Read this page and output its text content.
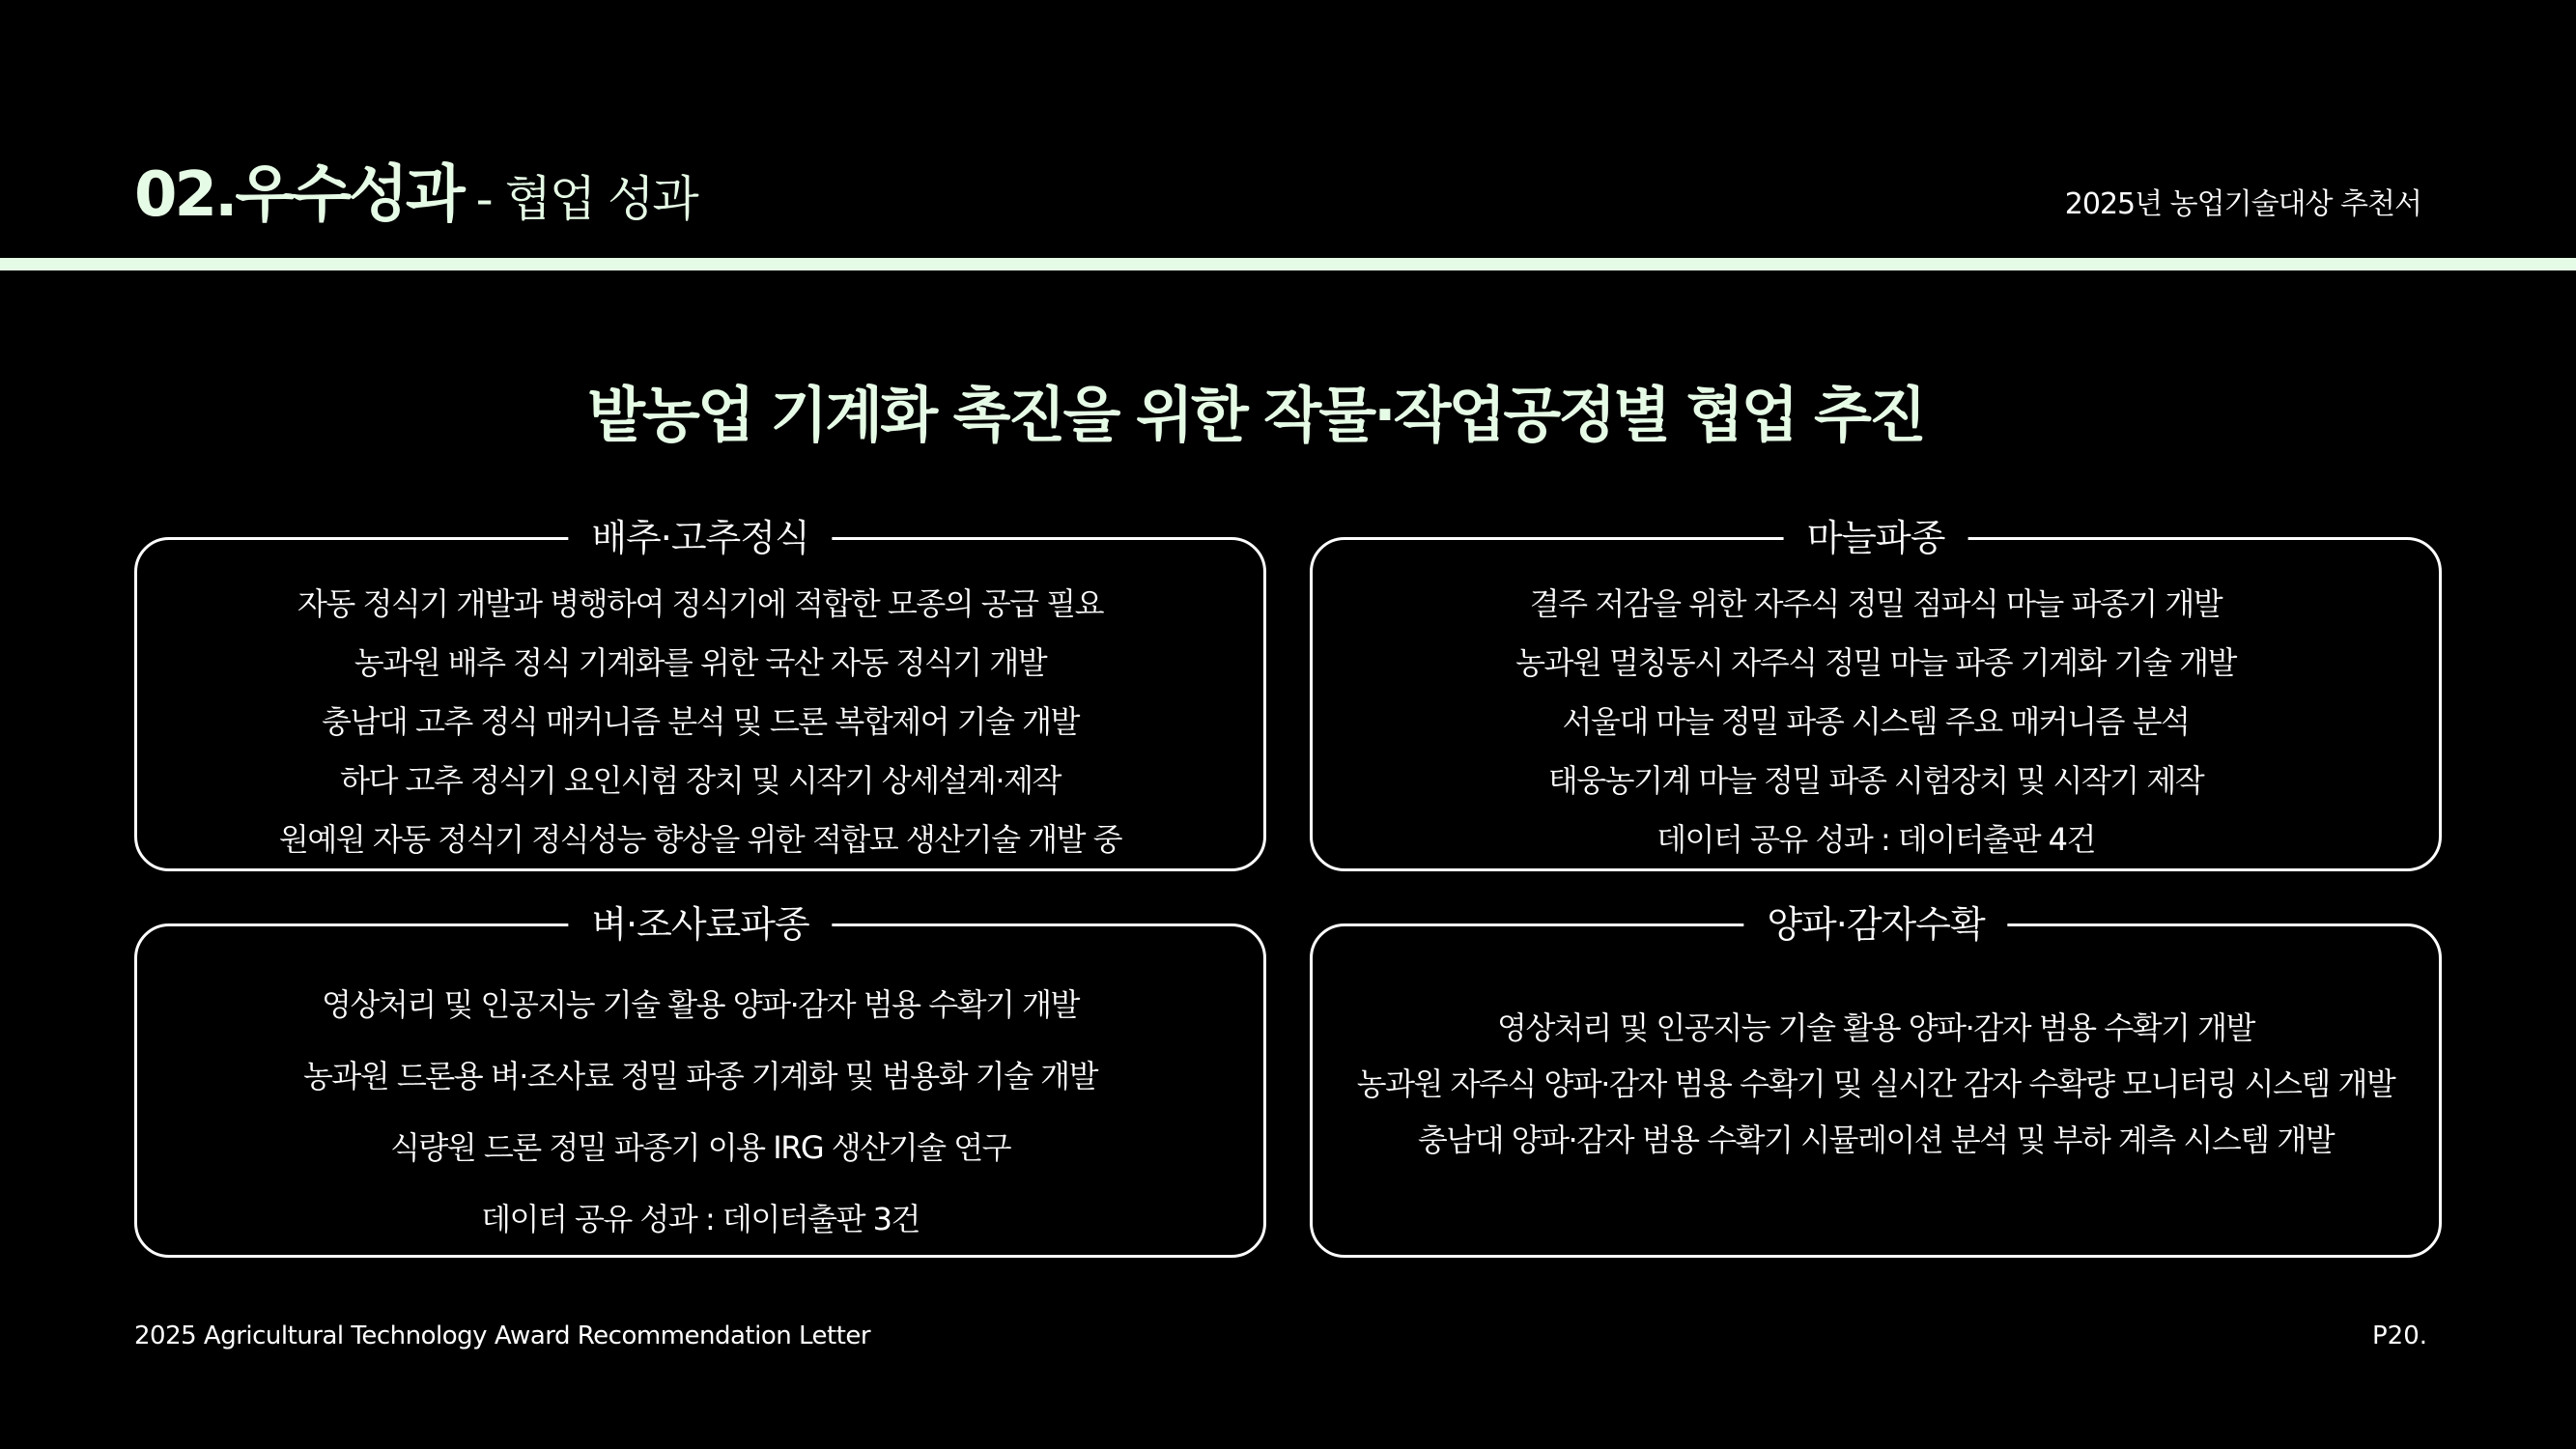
02.우수성과 - 협업 성과	2025년 농업기술대상 추천서
밭농업 기계화 촉진을 위한 작물·작업공정별 협업 추진
배추·고추정식
자동 정식기 개발과 병행하여 정식기에 적합한 모종의 공급 필요
농과원 배추 정식 기계화를 위한 국산 자동 정식기 개발
충남대 고추 정식 매커니즘 분석 및 드론 복합제어 기술 개발
하다 고추 정식기 요인시험 장치 및 시작기 상세설계·제작
원예원 자동 정식기 정식성능 향상을 위한 적합묘 생산기술 개발 중
마늘파종
결주 저감을 위한 자주식 정밀 점파식 마늘 파종기 개발
농과원 멀칭동시 자주식 정밀 마늘 파종 기계화 기술 개발
서울대 마늘 정밀 파종 시스템 주요 매커니즘 분석
태웅농기계 마늘 정밀 파종 시험장치 및 시작기 제작
데이터 공유 성과 : 데이터출판 4건
벼·조사료파종
영상처리 및 인공지능 기술 활용 양파·감자 범용 수확기 개발
농과원 드론용 벼·조사료 정밀 파종 기계화 및 범용화 기술 개발
식량원 드론 정밀 파종기 이용 IRG 생산기술 연구
데이터 공유 성과 : 데이터출판 3건
양파·감자수확
영상처리 및 인공지능 기술 활용 양파·감자 범용 수확기 개발
농과원 자주식 양파·감자 범용 수확기 및 실시간 감자 수확량 모니터링 시스템 개발
충남대 양파·감자 범용 수확기 시뮬레이션 분석 및 부하 계측 시스템 개발
2025 Agricultural Technology Award Recommendation Letter	P20.
